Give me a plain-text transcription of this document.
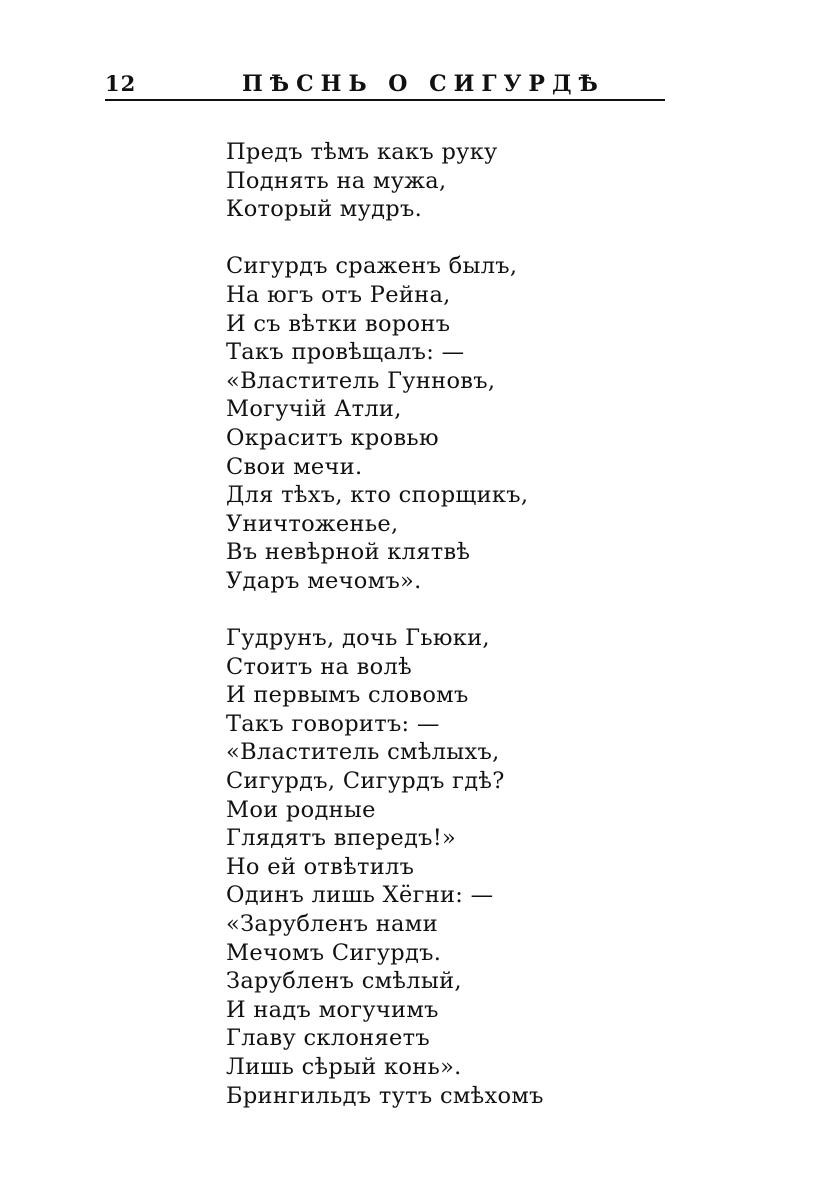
12	ПѢСНЬ О СИГУРДѢ
Предъ тѣмъ какъ руку
Поднять на мужа,
Который мудръ.
Сигурдъ сраженъ былъ,
На югъ отъ Рейна,
И съ вѣтки воронъ
Такъ провѣщалъ: —
«Властитель Гунновъ,
Могучій Атли,
Окраситъ кровью
Свои мечи.
Для тѣхъ, кто спорщикъ,
Уничтоженье,
Въ невѣрной клятвѣ
Ударъ мечомъ».
Гудрунъ, дочь Гьюки,
Стоитъ на волѣ
И первымъ словомъ
Такъ говоритъ: —
«Властитель смѣлыхъ,
Сигурдъ, Сигурдъ гдѣ?
Мои родные
Глядятъ впередъ!»
Но ей отвѣтилъ
Одинъ лишь Хёгни: —
«Зарубленъ нами
Мечомъ Сигурдъ.
Зарубленъ смѣлый,
И надъ могучимъ
Главу склоняетъ
Лишь сѣрый конь».
Брингильдъ тутъ смѣхомъ
